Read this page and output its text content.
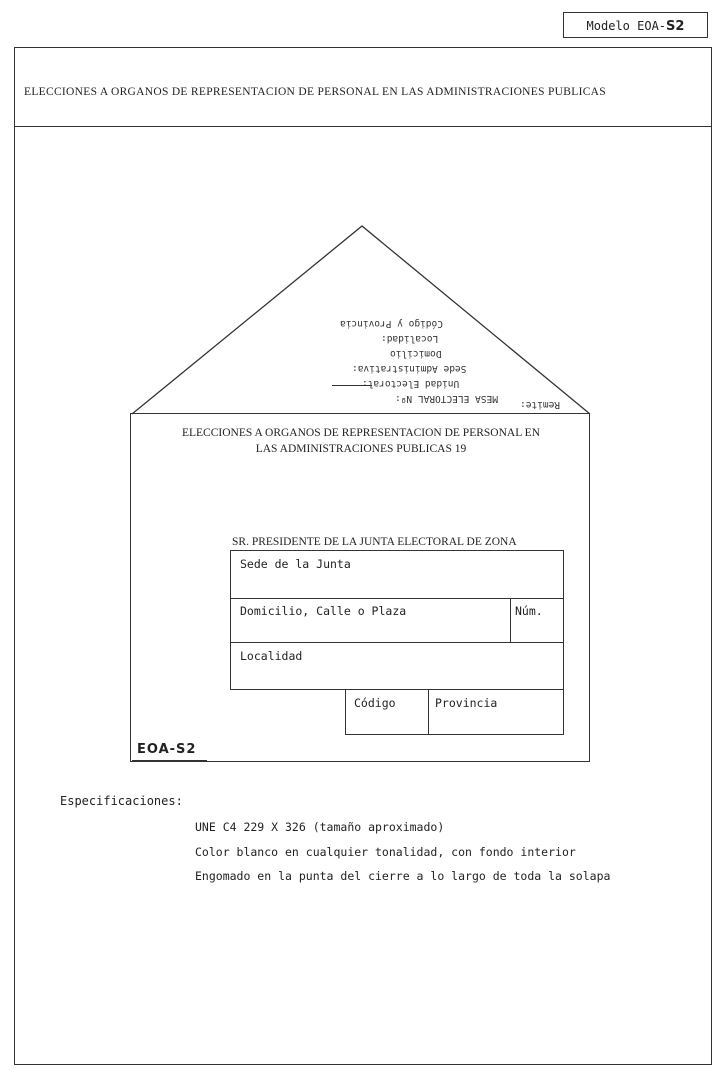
Modelo EOA-S2
ELECCIONES A ORGANOS DE REPRESENTACION DE PERSONAL EN LAS ADMINISTRACIONES PUBLICAS
Remite:
MESA ELECTORAL Nº:
Unidad Electoral:
Sede Administrativa:
Domicilio
Localidad:
Código y Provincia
ELECCIONES A ORGANOS DE REPRESENTACION DE PERSONAL EN
LAS ADMINISTRACIONES PUBLICAS 19
SR. PRESIDENTE DE LA JUNTA ELECTORAL DE ZONA
Sede de la Junta
Domicilio, Calle o Plaza	Núm.
Localidad
Código	Provincia
EOA-S2
Especificaciones:
UNE C4 229 X 326 (tamaño aproximado)
Color blanco en cualquier tonalidad, con fondo interior
Engomado en la punta del cierre a lo largo de toda la solapa
